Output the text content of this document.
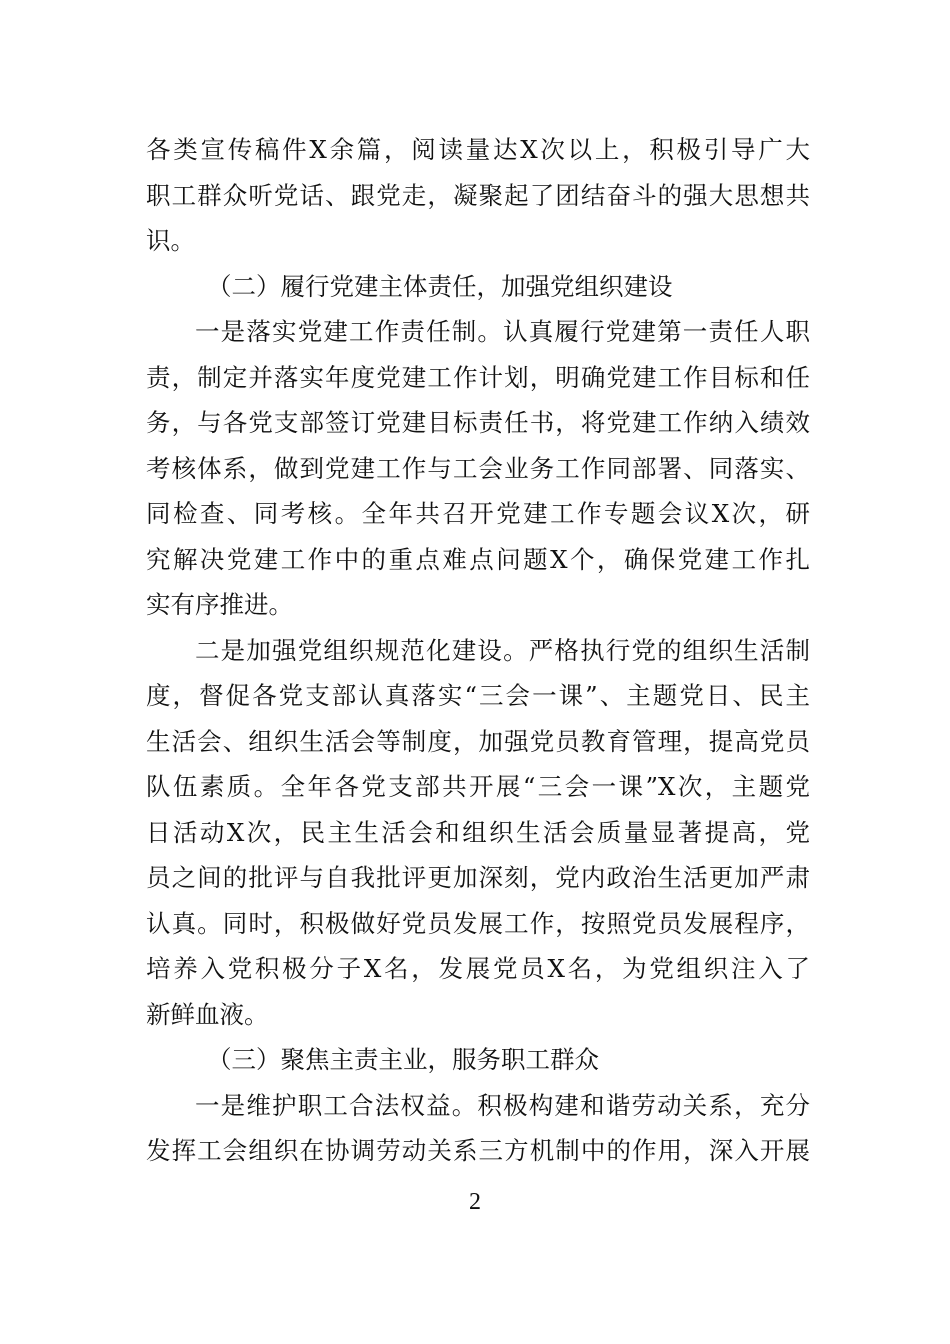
各类宣传稿件X余篇，阅读量达X次以上，积极引导广大
职工群众听党话、跟党走，凝聚起了团结奋斗的强大思想共
识。
（二）履行党建主体责任，加强党组织建设
一是落实党建工作责任制。认真履行党建第一责任人职
责，制定并落实年度党建工作计划，明确党建工作目标和任
务，与各党支部签订党建目标责任书，将党建工作纳入绩效
考核体系，做到党建工作与工会业务工作同部署、同落实、
同检查、同考核。全年共召开党建工作专题会议X次，研
究解决党建工作中的重点难点问题X个，确保党建工作扎
实有序推进。
二是加强党组织规范化建设。严格执行党的组织生活制
度，督促各党支部认真落实“三会一课”、主题党日、民主
生活会、组织生活会等制度，加强党员教育管理，提高党员
队伍素质。全年各党支部共开展“三会一课”X次，主题党
日活动X次，民主生活会和组织生活会质量显著提高，党
员之间的批评与自我批评更加深刻，党内政治生活更加严肃
认真。同时，积极做好党员发展工作，按照党员发展程序，
培养入党积极分子X名，发展党员X名，为党组织注入了
新鲜血液。
（三）聚焦主责主业，服务职工群众
一是维护职工合法权益。积极构建和谐劳动关系，充分
发挥工会组织在协调劳动关系三方机制中的作用，深入开展
2
